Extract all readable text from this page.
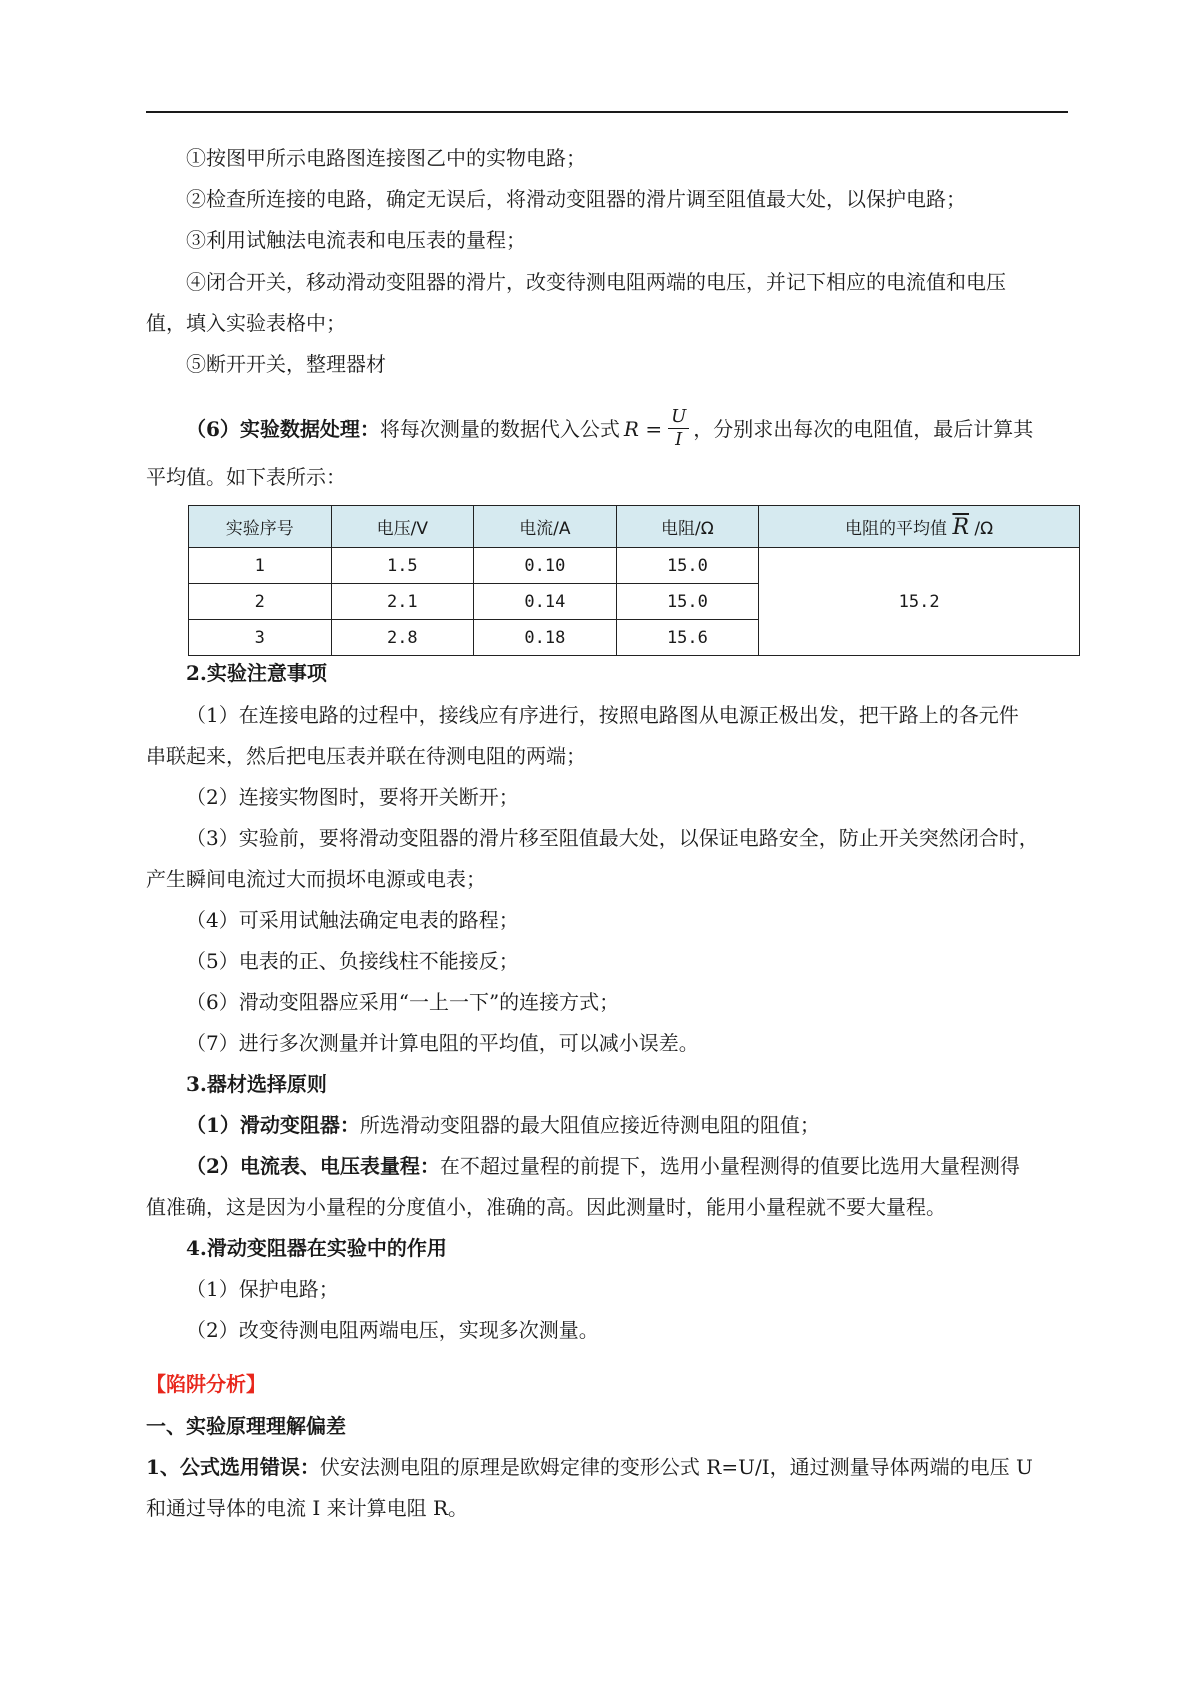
①按图甲所示电路图连接图乙中的实物电路；
②检查所连接的电路，确定无误后，将滑动变阻器的滑片调至阻值最大处，以保护电路；
③利用试触法电流表和电压表的量程；
④闭合开关，移动滑动变阻器的滑片，改变待测电阻两端的电压，并记下相应的电流值和电压
值，填入实验表格中；
⑤断开开关，整理器材
（6）实验数据处理： 将每次测量的数据代入公式 $R = \frac{U}{I}$ ，分别求出每次的电阻值，最后计算其
平均值。如下表所示：
实验序号	电压/V	电流/A	电阻/Ω	电阻的平均值 $\overline{R}$ /Ω
1	1.5	0.10	15.0	15.2
2	2.1	0.14	15.0	
3	2.8	0.18	15.6	
2.实验注意事项
（1）在连接电路的过程中，接线应有序进行，按照电路图从电源正极出发，把干路上的各元件
串联起来，然后把电压表并联在待测电阻的两端；
（2）连接实物图时，要将开关断开；
（3）实验前，要将滑动变阻器的滑片移至阻值最大处，以保证电路安全，防止开关突然闭合时，
产生瞬间电流过大而损坏电源或电表；
（4）可采用试触法确定电表的路程；
（5）电表的正、负接线柱不能接反；
（6）滑动变阻器应采用“一上一下”的连接方式；
（7）进行多次测量并计算电阻的平均值，可以减小误差。
3.器材选择原则
（1）滑动变阻器：所选滑动变阻器的最大阻值应接近待测电阻的阻值；
（2）电流表、电压表量程：在不超过量程的前提下，选用小量程测得的值要比选用大量程测得
值准确，这是因为小量程的分度值小，准确的高。因此测量时，能用小量程就不要大量程。
4.滑动变阻器在实验中的作用
（1）保护电路；
（2）改变待测电阻两端电压，实现多次测量。
【陷阱分析】
一、实验原理理解偏差
1、公式选用错误：伏安法测电阻的原理是欧姆定律的变形公式 R=U/I，通过测量导体两端的电压 U
和通过导体的电流 I 来计算电阻 R。
